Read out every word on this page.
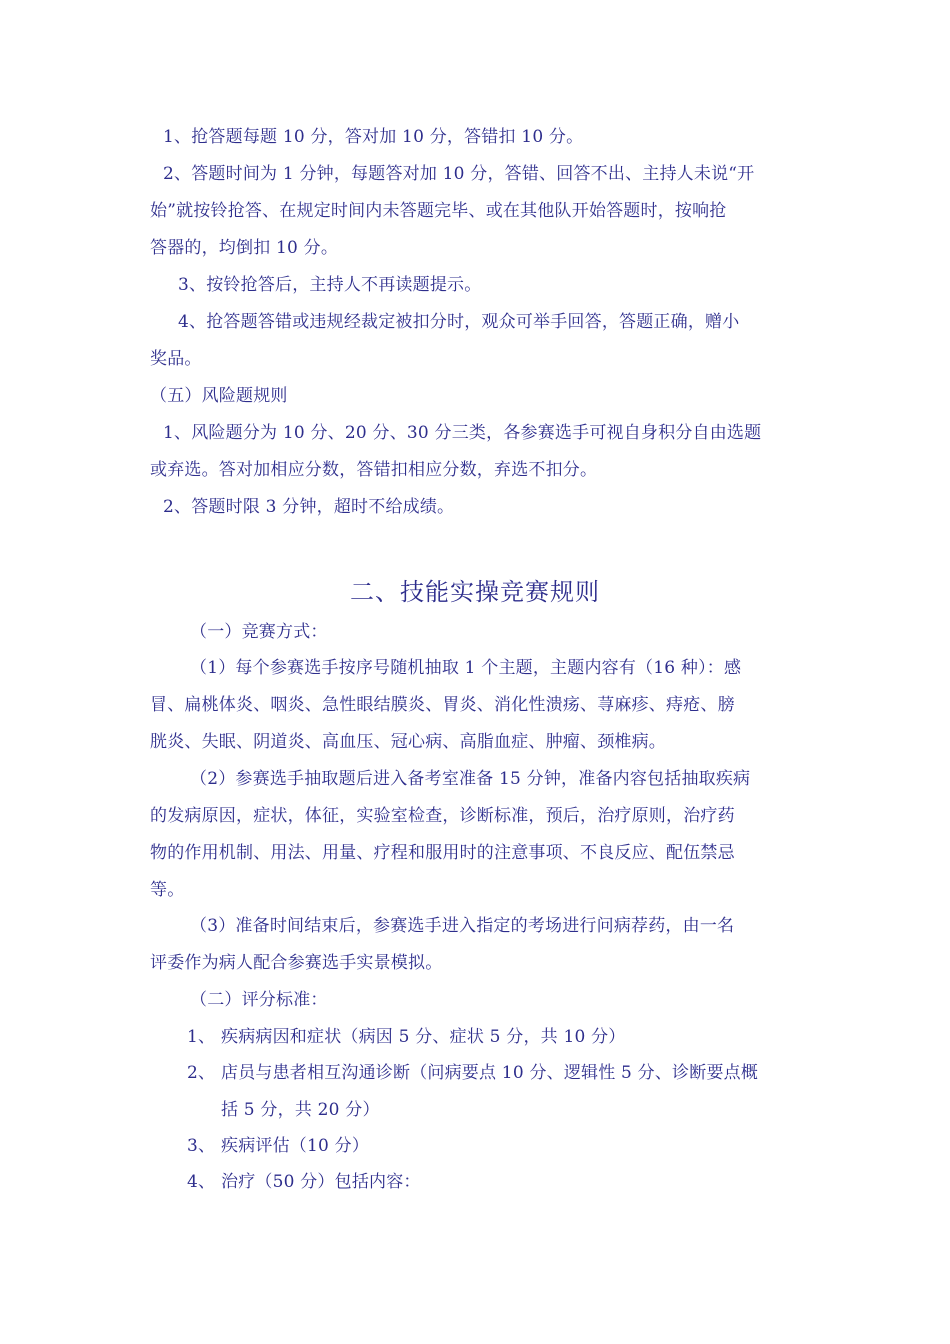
1、抢答题每题 10 分，答对加 10 分，答错扣 10 分。
2、答题时间为 1 分钟，每题答对加 10 分，答错、回答不出、主持人未说“开
始”就按铃抢答、在规定时间内未答题完毕、或在其他队开始答题时，按响抢
答器的，均倒扣 10 分。
3、按铃抢答后，主持人不再读题提示。
4、抢答题答错或违规经裁定被扣分时，观众可举手回答，答题正确，赠小
奖品。
（五）风险题规则
1、风险题分为 10 分、20 分、30 分三类，各参赛选手可视自身积分自由选题
或弃选。答对加相应分数，答错扣相应分数，弃选不扣分。
2、答题时限 3 分钟，超时不给成绩。
二、技能实操竞赛规则
（一）竞赛方式：
（1）每个参赛选手按序号随机抽取 1 个主题，主题内容有（16 种）：感
冒、扁桃体炎、咽炎、急性眼结膜炎、胃炎、消化性溃疡、荨麻疹、痔疮、膀
胱炎、失眠、阴道炎、高血压、冠心病、高脂血症、肿瘤、颈椎病。
（2）参赛选手抽取题后进入备考室准备 15 分钟，准备内容包括抽取疾病
的发病原因，症状，体征，实验室检查，诊断标准，预后，治疗原则，治疗药
物的作用机制、用法、用量、疗程和服用时的注意事项、不良反应、配伍禁忌
等。
（3）准备时间结束后，参赛选手进入指定的考场进行问病荐药，由一名
评委作为病人配合参赛选手实景模拟。
（二）评分标准：
1、 疾病病因和症状（病因 5 分、症状 5 分，共 10 分）
2、 店员与患者相互沟通诊断（问病要点 10 分、逻辑性 5 分、诊断要点概
括 5 分，共 20 分）
3、 疾病评估（10 分）
4、 治疗（50 分）包括内容：
